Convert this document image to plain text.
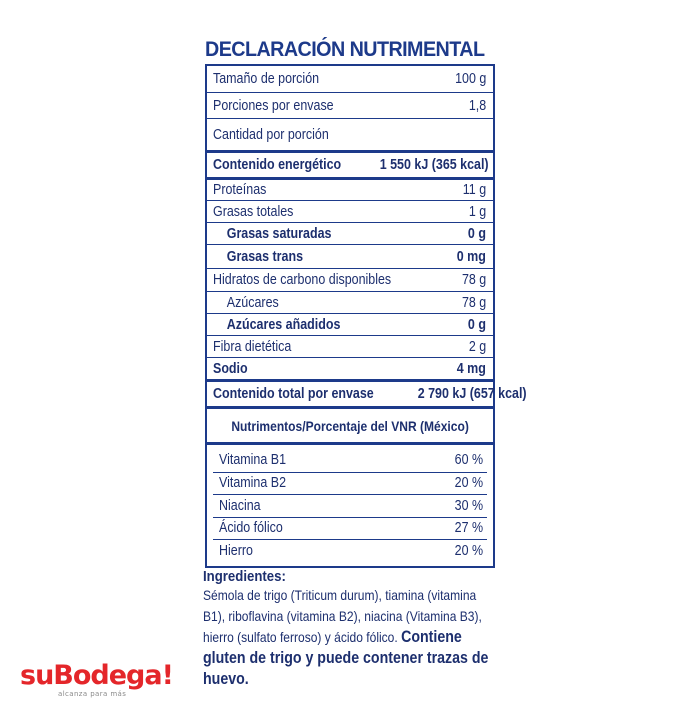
DECLARACIÓN NUTRIMENTAL
Tamaño de porción	100 g
Porciones por envase	1,8
Cantidad por porción
Contenido energético	1 550 kJ (365 kcal)
Proteínas	11 g
Grasas totales	1 g
Grasas saturadas	0 g
Grasas trans	0 mg
Hidratos de carbono disponibles	78 g
Azúcares	78 g
Azúcares añadidos	0 g
Fibra dietética	2 g
Sodio	4 mg
Contenido total por envase	2 790 kJ (657 kcal)
Nutrimentos/Porcentaje del VNR (México)
Vitamina B1	60 %
Vitamina B2	20 %
Niacina	30 %
Ácido fólico	27 %
Hierro	20 %
Ingredientes:
Sémola de trigo (Triticum durum), tiamina (vitamina B1), riboflavina (vitamina B2), niacina (Vitamina B3), hierro (sulfato ferroso) y ácido fólico. Contiene gluten de trigo y puede contener trazas de huevo.
suBodega!
alcanza para más
